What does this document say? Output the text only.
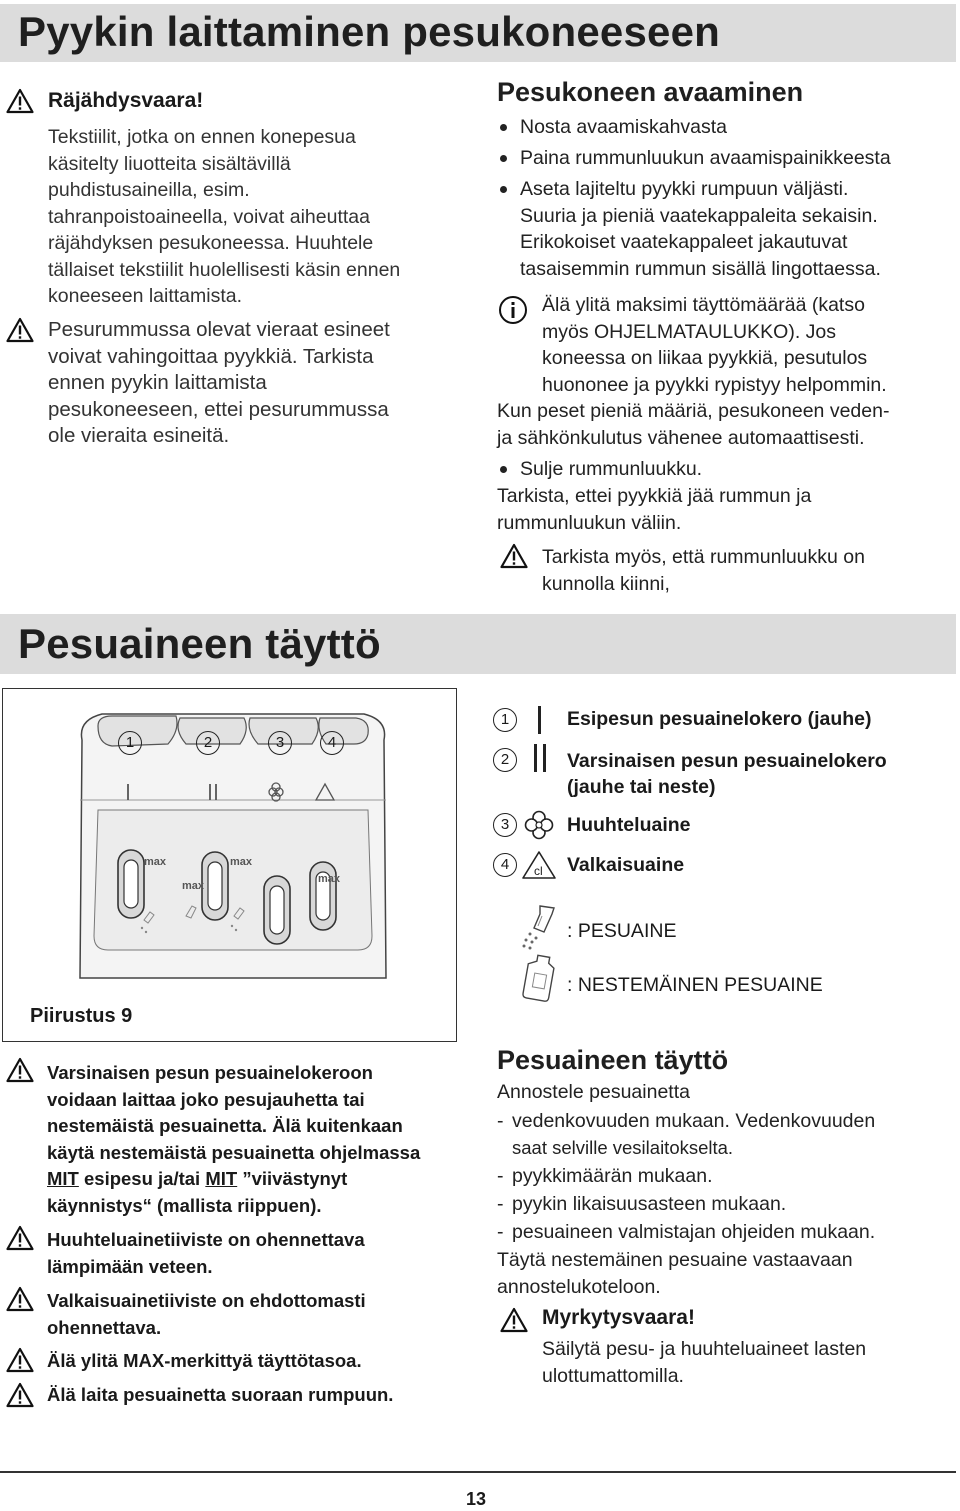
Pyykin laittaminen pesukoneeseen
Räjähdysvaara!
Tekstiilit, jotka on ennen konepesua
käsitelty liuotteita sisältävillä
puhdistusaineilla, esim.
tahranpoistoaineella, voivat aiheuttaa
räjähdyksen pesukoneessa. Huuhtele
tällaiset tekstiilit huolellisesti käsin ennen
koneeseen laittamista.
Pesurummussa olevat vieraat esineet
voivat vahingoittaa pyykkiä. Tarkista
ennen pyykin laittamista
pesukoneeseen, ettei pesurummussa
ole vieraita esineitä.
Pesukoneen avaaminen
Nosta avaamiskahvasta
Paina rummunluukun avaamispainikkeesta
Aseta lajiteltu pyykki rumpuun väljästi.
Suuria ja pieniä vaatekappaleita sekaisin.
Erikokoiset vaatekappaleet jakautuvat
tasaisemmin rummun sisällä lingottaessa.
Älä ylitä maksimi täyttömäärää (katso
myös OHJELMATAULUKKO). Jos
koneessa on liikaa pyykkiä, pesutulos
huononee ja pyykki rypistyy helpommin.
Kun peset pieniä määriä, pesukoneen veden-
ja sähkönkulutus vähenee automaattisesti.
Sulje rummunluukku.
Tarkista, ettei pyykkiä jää rummun ja
rummunluukun väliin.
Tarkista myös, että rummunluukku on
kunnolla kiinni,
Pesuaineen täyttö
1	2	3	4
max
max
max
max
Piirustus 9
1	Esipesun pesuainelokero (jauhe)
2	Varsinaisen pesun pesuainelokero
(jauhe tai neste)
3	Huuhteluaine
4	cl Valkaisuaine
: PESUAINE
: NESTEMÄINEN PESUAINE
Varsinaisen pesun pesuainelokeroon
voidaan laittaa joko pesujauhetta tai
nestemäistä pesuainetta. Älä kuitenkaan
käytä nestemäistä pesuainetta ohjelmassa
MIT esipesu ja/tai MIT ”viivästynyt
käynnistys“ (mallista riippuen).
Huuhteluainetiiviste on ohennettava
lämpimään veteen.
Valkaisuainetiiviste on ehdottomasti
ohennettava.
Älä ylitä MAX-merkittyä täyttötasoa.
Älä laita pesuainetta suoraan rumpuun.
Pesuaineen täyttö
Annostele pesuainetta
- vedenkovuuden mukaan. Vedenkovuuden
saat selville vesilaitokselta.
- pyykkimäärän mukaan.
- pyykin likaisuusasteen mukaan.
- pesuaineen valmistajan ohjeiden mukaan.
Täytä nestemäinen pesuaine vastaavaan
annostelukoteloon.
Myrkytysvaara!
Säilytä pesu- ja huuhteluaineet lasten
ulottumattomilla.
13
